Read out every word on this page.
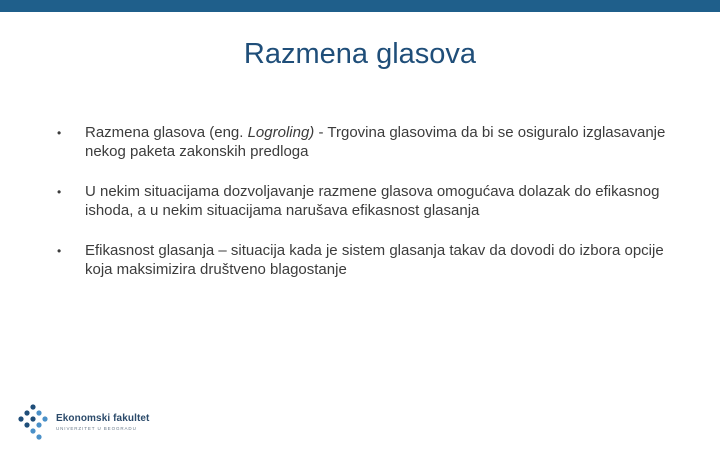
Razmena glasova
•	Razmena glasova (eng. Logroling) - Trgovina glasovima da bi se osiguralo izglasavanje nekog paketa zakonskih predloga
•	U nekim situacijama dozvoljavanje razmene glasova omogućava dolazak do efikasnog ishoda, a u nekim situacijama narušava efikasnost glasanja
•	Efikasnost glasanja – situacija kada je sistem glasanja takav da dovodi do izbora opcije koja maksimizira društveno blagostanje
Ekonomski fakultet
UNIVERZITET U BEOGRADU
